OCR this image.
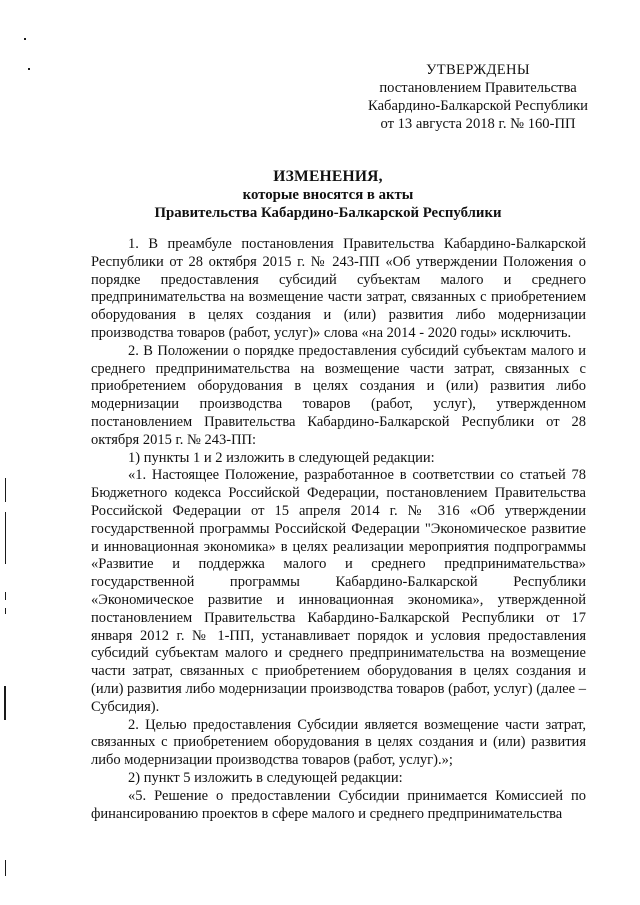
УТВЕРЖДЕНЫ
постановлением Правительства
Кабардино-Балкарской Республики
от 13 августа 2018 г. № 160-ПП
ИЗМЕНЕНИЯ,
которые вносятся в акты
Правительства Кабардино-Балкарской Республики

1. В преамбуле постановления Правительства Кабардино-Балкарской Республики от 28 октября 2015 г. № 243-ПП «Об утверждении Положения о порядке предоставления субсидий субъектам малого и среднего предпринимательства на возмещение части затрат, связанных с приобретением оборудования в целях создания и (или) развития либо модернизации производства товаров (работ, услуг)» слова «на 2014 - 2020 годы» исключить.

2. В Положении о порядке предоставления субсидий субъектам малого и среднего предпринимательства на возмещение части затрат, связанных с приобретением оборудования в целях создания и (или) развития либо модернизации производства товаров (работ, услуг), утвержденном постановлением Правительства Кабардино-Балкарской Республики от 28 октября 2015 г. № 243-ПП:

1) пункты 1 и 2 изложить в следующей редакции:

«1. Настоящее Положение, разработанное в соответствии со статьей 78 Бюджетного кодекса Российской Федерации, постановлением Правительства Российской Федерации от 15 апреля 2014 г. № 316 «Об утверждении государственной программы Российской Федерации "Экономическое развитие и инновационная экономика» в целях реализации мероприятия подпрограммы «Развитие и поддержка малого и среднего предпринимательства» государственной программы Кабардино-Балкарской Республики «Экономическое развитие и инновационная экономика», утвержденной постановлением Правительства Кабардино-Балкарской Республики от 17 января 2012 г. № 1-ПП, устанавливает порядок и условия предоставления субсидий субъектам малого и среднего предпринимательства на возмещение части затрат, связанных с приобретением оборудования в целях создания и (или) развития либо модернизации производства товаров (работ, услуг) (далее – Субсидия).

2. Целью предоставления Субсидии является возмещение части затрат, связанных с приобретением оборудования в целях создания и (или) развития либо модернизации производства товаров (работ, услуг).»;

2) пункт 5 изложить в следующей редакции:

«5. Решение о предоставлении Субсидии принимается Комиссией по финансированию проектов в сфере малого и среднего предпринимательства
